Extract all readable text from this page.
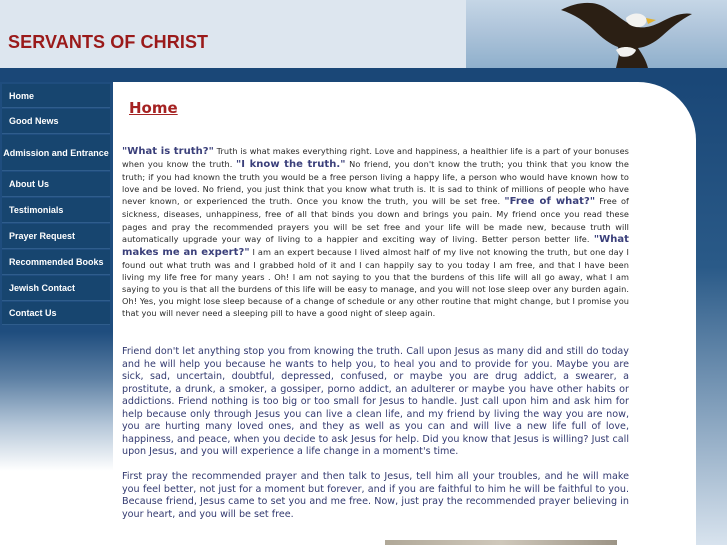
SERVANTS OF CHRIST
Home
Good News
Admission and Entrance
About Us
Testimonials
Prayer Request
Recommended Books
Jewish Contact
Contact Us
Home

"What is truth?" Truth is what makes everything right. Love and happiness, a healthier life is a part of your bonuses when you know the truth. "I know the truth." No friend, you don't know the truth; you think that you know the truth; if you had known the truth you would be a free person living a happy life, a person who would have known how to love and be loved. No friend, you just think that you know what truth is. It is sad to think of millions of people who have never known, or experienced the truth. Once you know the truth, you will be set free. "Free of what?" Free of sickness, diseases, unhappiness, free of all that binds you down and brings you pain. My friend once you read these pages and pray the recommended prayers you will be set free and your life will be made new, because truth will automatically upgrade your way of living to a happier and exciting way of living. Better person better life. "What makes me an expert?" I am an expert because I lived almost half of my live not knowing the truth, but one day I found out what truth was and I grabbed hold of it and I can happily say to you today I am free, and that I have been living my life free for many years . Oh! I am not saying to you that the burdens of this life will all go away, what I am saying to you is that all the burdens of this life will be easy to manage, and you will not lose sleep over any burden again. Oh! Yes, you might lose sleep because of a change of schedule or any other routine that might change, but I promise you that you will never need a sleeping pill to have a good night of sleep again.

Friend don't let anything stop you from knowing the truth. Call upon Jesus as many did and still do today and he will help you because he wants to help you, to heal you and to provide for you. Maybe you are sick, sad, uncertain, doubtful, depressed, confused, or maybe you are drug addict, a swearer, a prostitute, a drunk, a smoker, a gossiper, porno addict, an adulterer or maybe you have other habits or addictions. Friend nothing is too big or too small for Jesus to handle. Just call upon him and ask him for help because only through Jesus you can live a clean life, and my friend by living the way you are now, you are hurting many loved ones, and they as well as you can and will live a new life full of love, happiness, and peace, when you decide to ask Jesus for help. Did you know that Jesus is willing? Just call upon Jesus, and you will experience a life change in a moment's time.

First pray the recommended prayer and then talk to Jesus, tell him all your troubles, and he will make you feel better, not just for a moment but forever, and if you are faithful to him he will be faithful to you. Because friend, Jesus came to set you and me free. Now, just pray the recommended prayer believing in your heart, and you will be set free.
